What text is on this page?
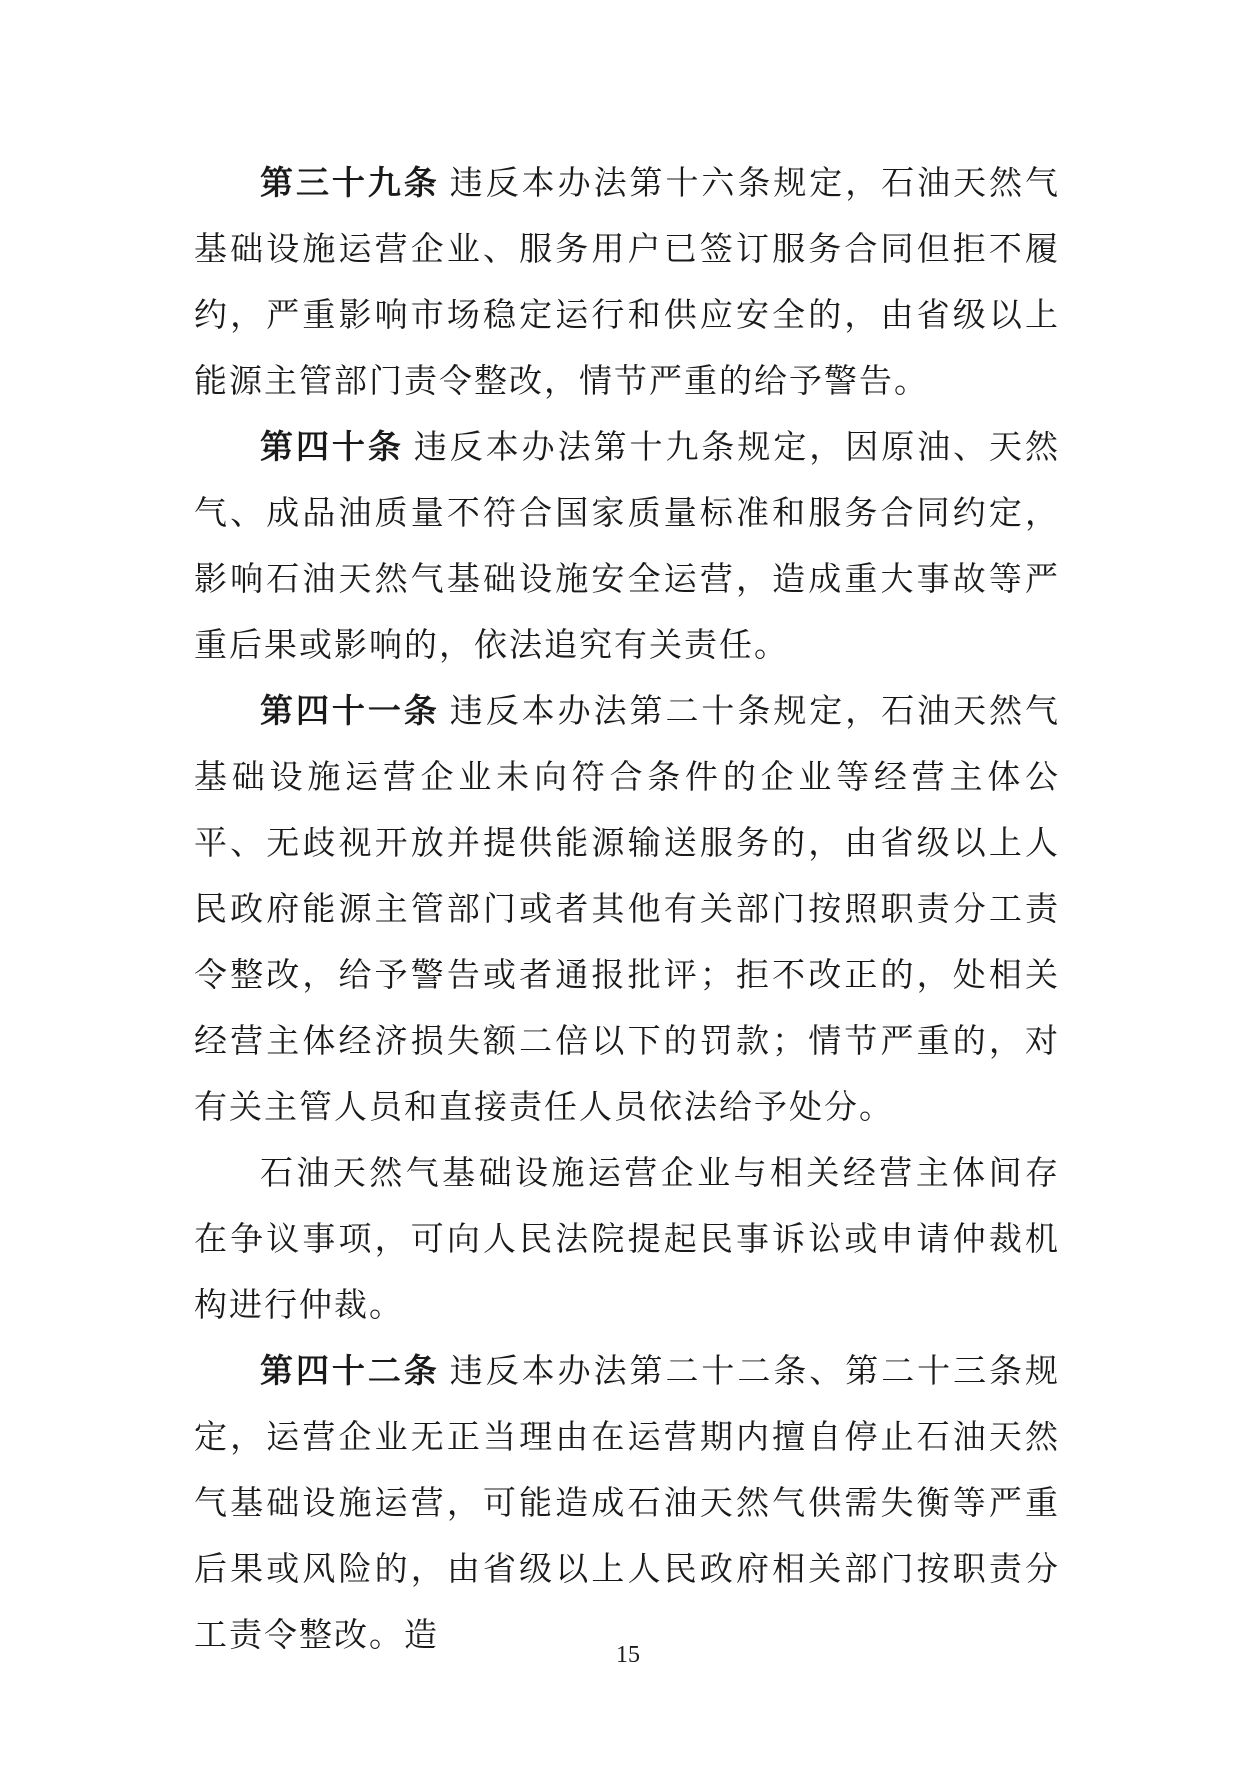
第三十九条 违反本办法第十六条规定，石油天然气基础设施运营企业、服务用户已签订服务合同但拒不履约，严重影响市场稳定运行和供应安全的，由省级以上能源主管部门责令整改，情节严重的给予警告。

第四十条 违反本办法第十九条规定，因原油、天然气、成品油质量不符合国家质量标准和服务合同约定，影响石油天然气基础设施安全运营，造成重大事故等严重后果或影响的，依法追究有关责任。

第四十一条 违反本办法第二十条规定，石油天然气基础设施运营企业未向符合条件的企业等经营主体公平、无歧视开放并提供能源输送服务的，由省级以上人民政府能源主管部门或者其他有关部门按照职责分工责令整改，给予警告或者通报批评；拒不改正的，处相关经营主体经济损失额二倍以下的罚款；情节严重的，对有关主管人员和直接责任人员依法给予处分。

石油天然气基础设施运营企业与相关经营主体间存在争议事项，可向人民法院提起民事诉讼或申请仲裁机构进行仲裁。

第四十二条 违反本办法第二十二条、第二十三条规定，运营企业无正当理由在运营期内擅自停止石油天然气基础设施运营，可能造成石油天然气供需失衡等严重后果或风险的，由省级以上人民政府相关部门按职责分工责令整改。造

15
